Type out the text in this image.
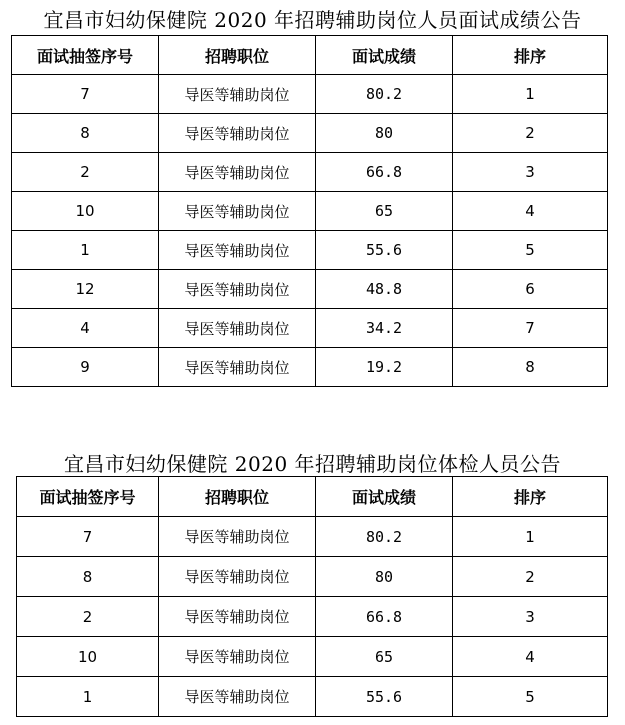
宜昌市妇幼保健院 2020 年招聘辅助岗位人员面试成绩公告
面试抽签序号	招聘职位	面试成绩	排序
7	导医等辅助岗位	80.2	1
8	导医等辅助岗位	80	2
2	导医等辅助岗位	66.8	3
10	导医等辅助岗位	65	4
1	导医等辅助岗位	55.6	5
12	导医等辅助岗位	48.8	6
4	导医等辅助岗位	34.2	7
9	导医等辅助岗位	19.2	8
宜昌市妇幼保健院 2020 年招聘辅助岗位体检人员公告
面试抽签序号	招聘职位	面试成绩	排序
7	导医等辅助岗位	80.2	1
8	导医等辅助岗位	80	2
2	导医等辅助岗位	66.8	3
10	导医等辅助岗位	65	4
1	导医等辅助岗位	55.6	5
